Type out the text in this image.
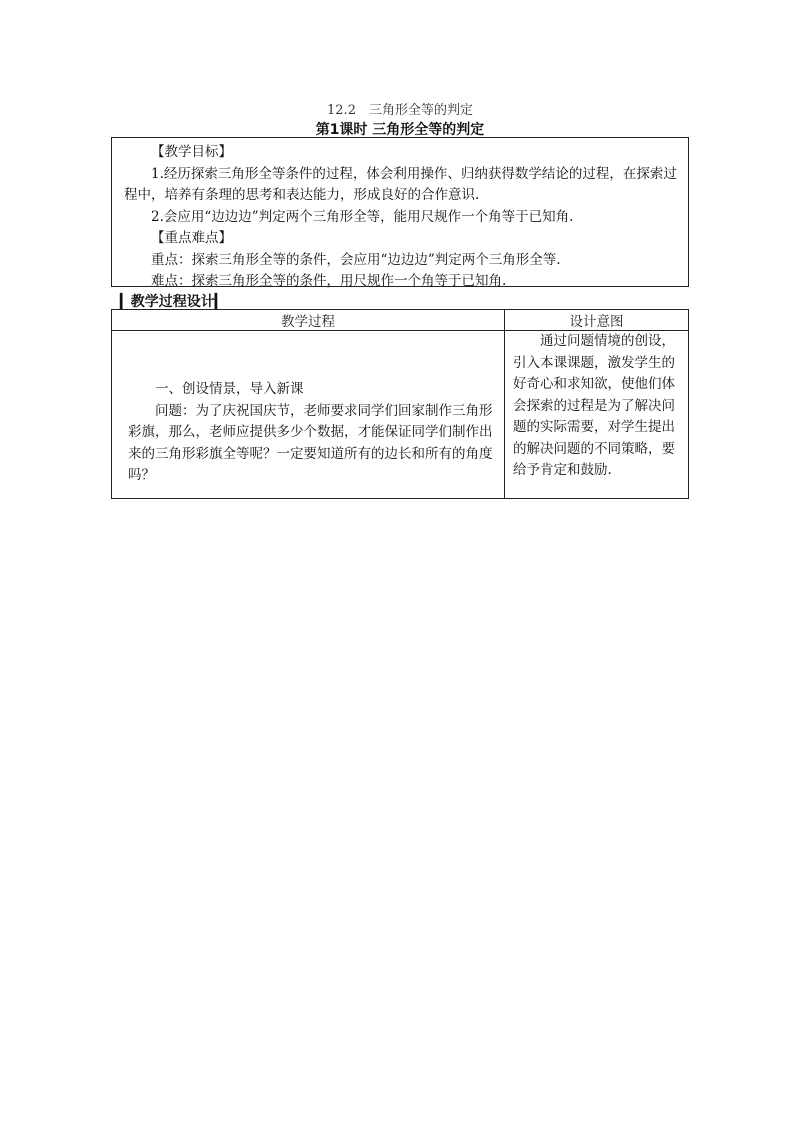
12.2　三角形全等的判定
第1课时 三角形全等的判定

【教学目标】

1.经历探索三角形全等条件的过程，体会利用操作、归纳获得数学结论的过程，在探索过程中，培养有条理的思考和表达能力，形成良好的合作意识.

2.会应用“边边边”判定两个三角形全等，能用尺规作一个角等于已知角.

【重点难点】

重点：探索三角形全等的条件，会应用“边边边”判定两个三角形全等.

难点：探索三角形全等的条件，用尺规作一个角等于已知角.

▎教学过程设计▎
教学过程	设计意图

一、创设情景，导入新课

问题：为了庆祝国庆节，老师要求同学们回家制作三角形彩旗，那么，老师应提供多少个数据，才能保证同学们制作出来的三角形彩旗全等呢？一定要知道所有的边长和所有的角度吗？	通过问题情境的创设，引入本课课题，激发学生的好奇心和求知欲，使他们体会探索的过程是为了解决问题的实际需要，对学生提出的解决问题的不同策略，要给予肯定和鼓励.
